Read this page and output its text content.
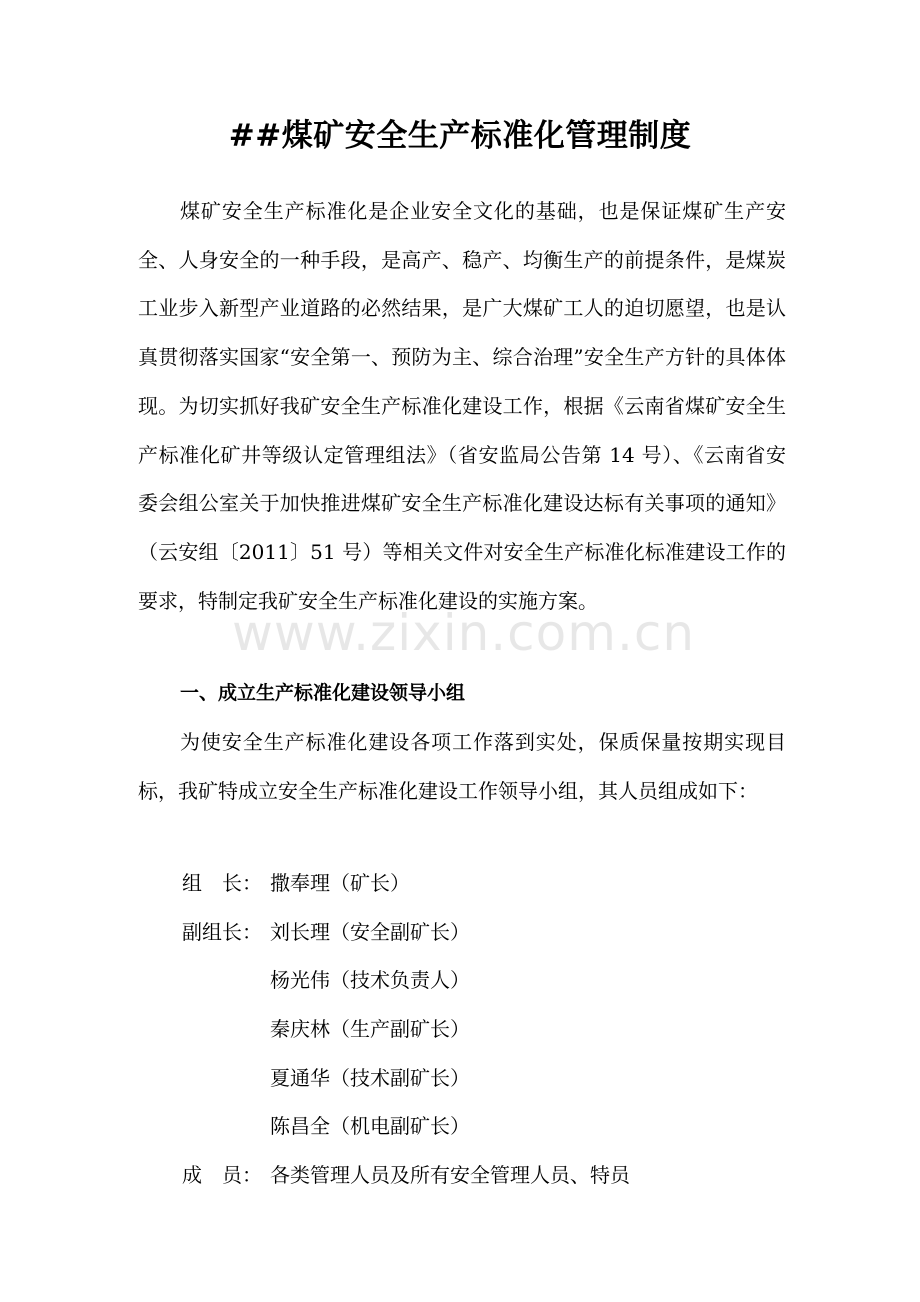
##煤矿安全生产标准化管理制度

煤矿安全生产标准化是企业安全文化的基础，也是保证煤矿生产安全、人身安全的一种手段，是高产、稳产、均衡生产的前提条件，是煤炭工业步入新型产业道路的必然结果，是广大煤矿工人的迫切愿望，也是认真贯彻落实国家“安全第一、预防为主、综合治理”安全生产方针的具体体现。为切实抓好我矿安全生产标准化建设工作，根据《云南省煤矿安全生产标准化矿井等级认定管理组法》（省安监局公告第 14 号）、《云南省安委会组公室关于加快推进煤矿安全生产标准化建设达标有关事项的通知》（云安组〔2011〕51 号）等相关文件对安全生产标准化标准建设工作的要求，特制定我矿安全生产标准化建设的实施方案。

www.zixin.com.cn

一、成立生产标准化建设领导小组

为使安全生产标准化建设各项工作落到实处，保质保量按期实现目标，我矿特成立安全生产标准化建设工作领导小组，其人员组成如下：

组　长： 撒奉理（矿长）
副组长： 刘长理（安全副矿长）
杨光伟（技术负责人）
秦庆林（生产副矿长）
夏通华（技术副矿长）
陈昌全（机电副矿长）
成　员： 各类管理人员及所有安全管理人员、特员
